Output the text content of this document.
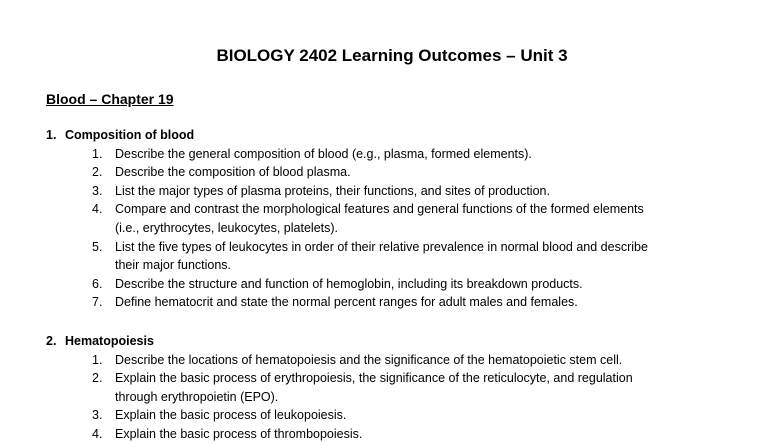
BIOLOGY 2402 Learning Outcomes – Unit 3
Blood – Chapter 19
1. Composition of blood
1. Describe the general composition of blood (e.g., plasma, formed elements).
2. Describe the composition of blood plasma.
3. List the major types of plasma proteins, their functions, and sites of production.
4. Compare and contrast the morphological features and general functions of the formed elements
(i.e., erythrocytes, leukocytes, platelets).
5. List the five types of leukocytes in order of their relative prevalence in normal blood and describe
their major functions.
6. Describe the structure and function of hemoglobin, including its breakdown products.
7. Define hematocrit and state the normal percent ranges for adult males and females.
2. Hematopoiesis
1. Describe the locations of hematopoiesis and the significance of the hematopoietic stem cell.
2. Explain the basic process of erythropoiesis, the significance of the reticulocyte, and regulation
through erythropoietin (EPO).
3. Explain the basic process of leukopoiesis.
4. Explain the basic process of thrombopoiesis.
